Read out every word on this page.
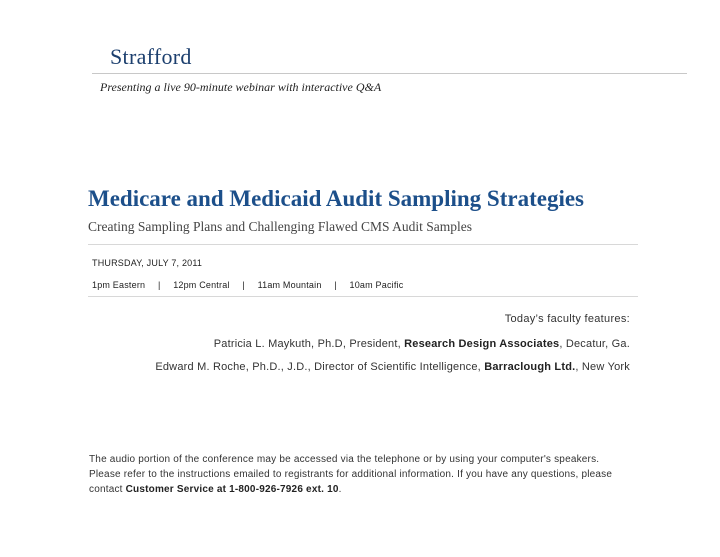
Strafford
Presenting a live 90-minute webinar with interactive Q&A
Medicare and Medicaid Audit Sampling Strategies
Creating Sampling Plans and Challenging Flawed CMS Audit Samples
THURSDAY, JULY 7, 2011
1pm Eastern | 12pm Central | 11am Mountain | 10am Pacific
Today’s faculty features:
Patricia L. Maykuth, Ph.D, President, Research Design Associates, Decatur, Ga.
Edward M. Roche, Ph.D., J.D., Director of Scientific Intelligence, Barraclough Ltd., New York
The audio portion of the conference may be accessed via the telephone or by using your computer's speakers. Please refer to the instructions emailed to registrants for additional information. If you have any questions, please contact Customer Service at 1-800-926-7926 ext. 10.
